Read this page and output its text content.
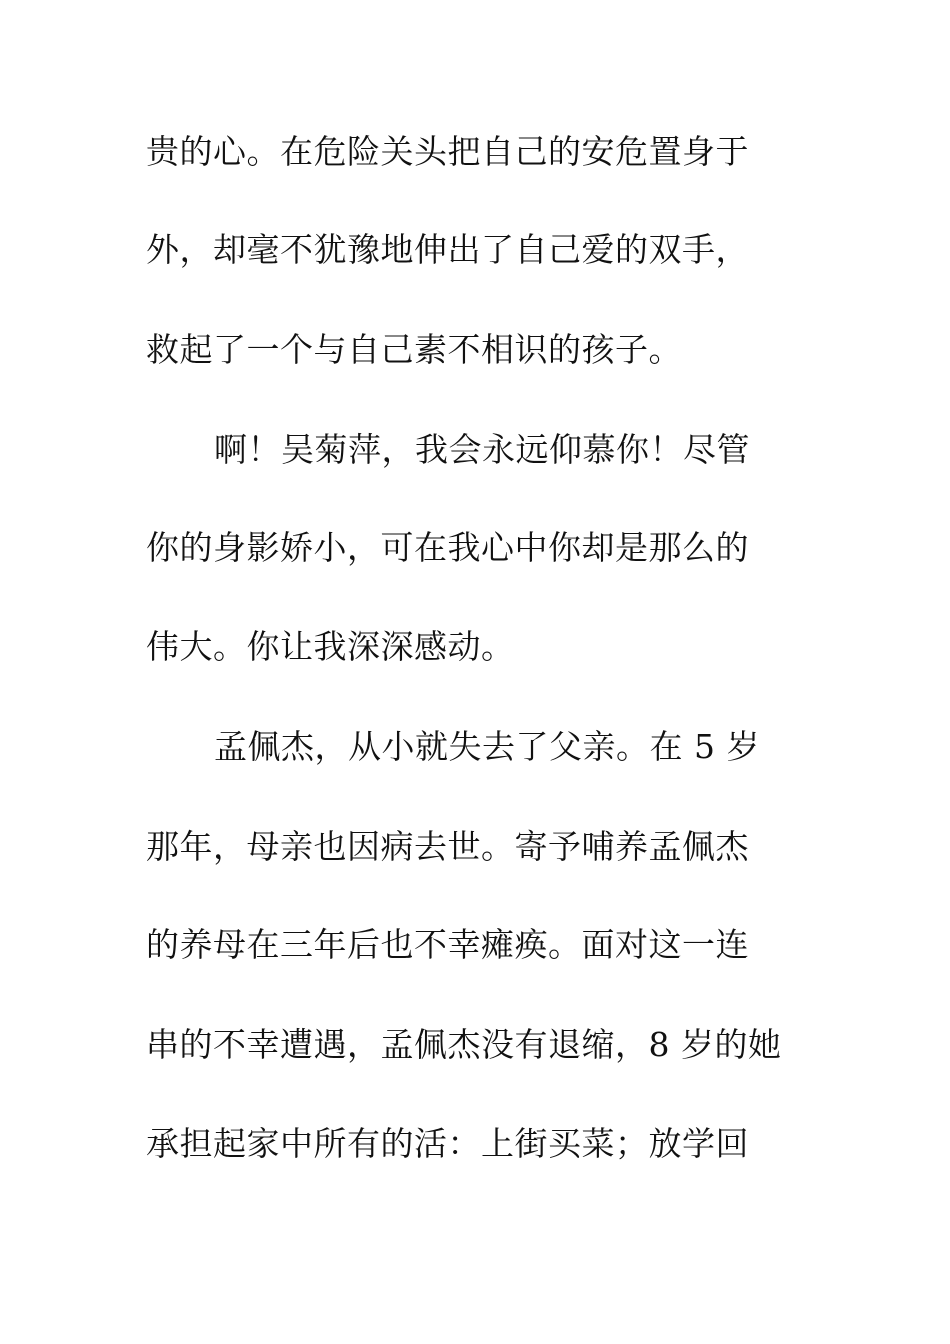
贵的心。在危险关头把自己的安危置身于
外，却毫不犹豫地伸出了自己爱的双手，
救起了一个与自己素不相识的孩子。
啊！吴菊萍，我会永远仰慕你！尽管
你的身影娇小，可在我心中你却是那么的
伟大。你让我深深感动。
孟佩杰，从小就失去了父亲。在 5 岁
那年，母亲也因病去世。寄予哺养孟佩杰
的养母在三年后也不幸瘫痪。面对这一连
串的不幸遭遇，孟佩杰没有退缩，8 岁的她
承担起家中所有的活：上街买菜；放学回
